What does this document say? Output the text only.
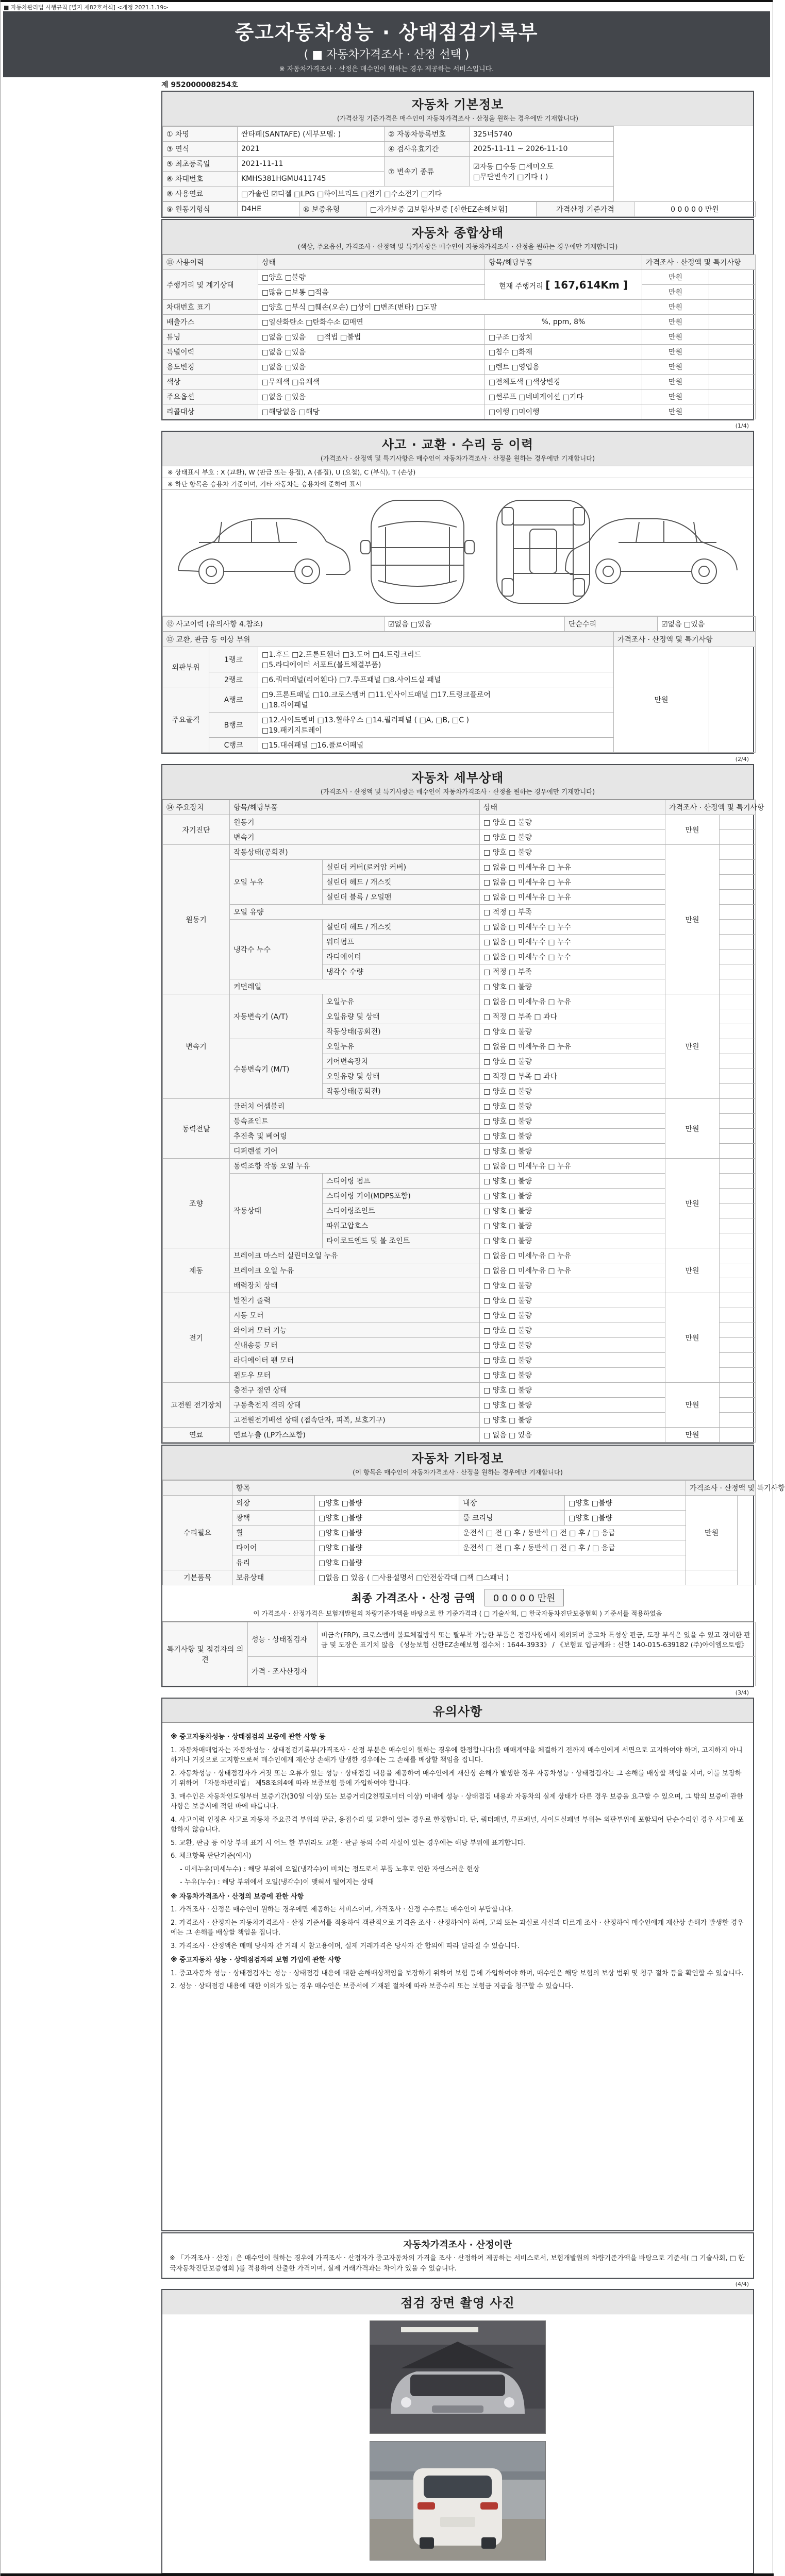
■ 자동차관리법 시행규칙 [별지 제82호서식] <개정 2021.1.19>
중고자동차성능 · 상태점검기록부
( ■ 자동차가격조사 · 산정 선택 )
※ 자동차가격조사 · 산정은 매수인이 원하는 경우 제공하는 서비스입니다.
제 952000008254호
자동차 기본정보
(가격산정 기준가격은 매수인이 자동차가격조사 · 산정을 원하는 경우에만 기재합니다)
① 차명	싼타페(SANTAFE) (세부모델: )	② 자동차등록번호	325너5740
③ 연식	2021	④ 검사유효기간	2025-11-11 ~ 2026-11-10
⑤ 최초등록일	2021-11-11	⑦ 변속기 종류	☑자동 □수동 □세미오토
□무단변속기 □기타 ( )

⑥ 차대번호	KMHS381HGMU411745		
⑧ 사용연료	□가솔린 ☑디젤 □LPG □하이브리드 □전기 □수소전기 □기타		
⑨ 원동기형식	D4HE	⑩ 보증유형	□자가보증 ☑보험사보증 [신한EZ손해보험]	가격산정 기준가격	0 0 0 0 0 만원
자동차 종합상태
(색상, 주요옵션, 가격조사 · 산정액 및 특기사항은 매수인이 자동차가격조사 · 산정을 원하는 경우에만 기재합니다)
⑪ 사용이력	상태	항목/해당부품	가격조사 · 산정액 및 특기사항	
주행거리 및 계기상태	□양호 □불량	현재 주행거리 [ 167,614Km ]	만원	
	□많음 □보통 □적음		만원	
차대번호 표기	□양호 □부식 □훼손(오손) □상이 □변조(변타) □도말		만원	
배출가스	□일산화탄소 □탄화수소 ☑매연	%, ppm, 8%	만원	
튜닝	□없음 □있음 □적법 □불법	□구조 □장치	만원	
특별이력	□없음 □있음	□침수 □화재	만원	
용도변경	□없음 □있음	□렌트 □영업용	만원	
색상	□무채색 □유채색	□전체도색 □색상변경	만원	
주요옵션	□없음 □있음	□썬루프 □네비게이션 □기타	만원	
리콜대상	□해당없음 □해당	□이행 □미이행	만원	
(1/4)
사고 · 교환 · 수리 등 이력
(가격조사 · 산정액 및 특기사항은 매수인이 자동차가격조사 · 산정을 원하는 경우에만 기재합니다)
※ 상태표시 부호 : X (교환), W (판금 또는 용접), A (흠집), U (요철), C (부식), T (손상)
※ 하단 항목은 승용차 기준이며, 기타 자동차는 승용차에 준하여 표시
⑫ 사고이력 (유의사항 4.참조)	☑없음 □있음	단순수리	☑없음 □있음
⑬ 교환, 판금 등 이상 부위			가격조사 · 산정액 및 특기사항	
외판부위	1랭크	□1.후드 □2.프론트휀더 □3.도어 □4.트렁크리드
□5.라디에이터 서포트(볼트체결부품)	만원	
	2랭크	□6.쿼터패널(리어휀다) □7.루프패널 □8.사이드실 패널		
주요골격	A랭크	□9.프론트패널 □10.크로스멤버 □11.인사이드패널 □17.트렁크플로어
□18.리어패널		

	B랭크	□12.사이드멤버 □13.휠하우스 □14.필러패널 ( □A, □B, □C )
□19.패키지트레이		

	C랭크	□15.대쉬패널 □16.플로어패널		
(2/4)
자동차 세부상태
(가격조사 · 산정액 및 특기사항은 매수인이 자동차가격조사 · 산정을 원하는 경우에만 기재합니다)
⑭ 주요장치	항목/해당부품		상태	가격조사 · 산정액 및 특기사항	
자기진단	원동기		□ 양호 □ 불량	만원	
	변속기		□ 양호 □ 불량		
원동기	작동상태(공회전)		□ 양호 □ 불량	만원	
	오일 누유	실린더 커버(로커암 커버)	□ 없음 □ 미세누유 □ 누유		
		실린더 헤드 / 개스킷	□ 없음 □ 미세누유 □ 누유		
		실린더 블록 / 오일팬	□ 없음 □ 미세누유 □ 누유		
	오일 유량		□ 적정 □ 부족		
	냉각수 누수	실린더 헤드 / 개스킷	□ 없음 □ 미세누수 □ 누수		
		워터펌프	□ 없음 □ 미세누수 □ 누수		
		라디에이터	□ 없음 □ 미세누수 □ 누수		
		냉각수 수량	□ 적정 □ 부족		
	커먼레일		□ 양호 □ 불량		
변속기	자동변속기 (A/T)	오일누유	□ 없음 □ 미세누유 □ 누유	만원	
		오일유량 및 상태	□ 적정 □ 부족 □ 과다		
		작동상태(공회전)	□ 양호 □ 불량		
	수동변속기 (M/T)	오일누유	□ 없음 □ 미세누유 □ 누유		
		기어변속장치	□ 양호 □ 불량		
		오일유량 및 상태	□ 적정 □ 부족 □ 과다		
		작동상태(공회전)	□ 양호 □ 불량		
동력전달	클러치 어셈블리		□ 양호 □ 불량	만원	
	등속죠인트		□ 양호 □ 불량		
	추진축 및 베어링		□ 양호 □ 불량		
	디퍼렌셜 기어		□ 양호 □ 불량		
조향	동력조향 작동 오일 누유		□ 없음 □ 미세누유 □ 누유	만원	
	작동상태	스티어링 펌프	□ 양호 □ 불량		
		스티어링 기어(MDPS포함)	□ 양호 □ 불량		
		스티어링조인트	□ 양호 □ 불량		
		파워고압호스	□ 양호 □ 불량		
		타이로드엔드 및 볼 조인트	□ 양호 □ 불량		
제동	브레이크 마스터 실린더오일 누유		□ 없음 □ 미세누유 □ 누유	만원	
	브레이크 오일 누유		□ 없음 □ 미세누유 □ 누유		
	배력장치 상태		□ 양호 □ 불량		
전기	발전기 출력		□ 양호 □ 불량	만원	
	시동 모터		□ 양호 □ 불량		
	와이퍼 모터 기능		□ 양호 □ 불량		
	실내송풍 모터		□ 양호 □ 불량		
	라디에이터 팬 모터		□ 양호 □ 불량		
	윈도우 모터		□ 양호 □ 불량		
고전원 전기장치	충전구 절연 상태		□ 양호 □ 불량	만원	
	구동축전지 격리 상태		□ 양호 □ 불량		
	고전원전기배선 상태 (접속단자, 피복, 보호기구)		□ 양호 □ 불량		
연료	연료누출 (LP가스포함)		□ 없음 □ 있음	만원	
자동차 기타정보
(이 항목은 매수인이 자동차가격조사 · 산정을 원하는 경우에만 기재합니다)
	항목				가격조사 · 산정액 및 특기사항	
수리필요	외장	□양호 □불량	내장	□양호 □불량	만원	
	광택	□양호 □불량	룸 크리닝	□양호 □불량		
	휠	□양호 □불량	운전석 □ 전 □ 후 / 동반석 □ 전 □ 후 / □ 응급			
	타이어	□양호 □불량	운전석 □ 전 □ 후 / 동반석 □ 전 □ 후 / □ 응급			
	유리	□양호 □불량				
기본품목	보유상태	□없음 □ 있음 ( □사용설명서 □안전삼각대 □잭 □스패너 )				
최종 가격조사 · 산정 금액	0 0 0 0 0 만원
이 가격조사 · 산정가격은 보험개발원의 차량기준가액을 바탕으로 한 기준가격과 ( □ 기술사회, □ 한국자동차진단보증협회 ) 기준서를 적용하였음
특기사항 및 점검자의 의견	성능 · 상태점검자	비금속(FRP), 크로스멤버 볼트체결방식 또는 탈부착 가능한 부품은 점검사항에서 제외되며 중고차 특성상 판금, 도장 부식은 있을 수 있고 경미한 판금 및 도장은 표기치 않음 《성능보험 신한EZ손해보험 접수처 : 1644-3933》 / 《보험료 입금계좌 : 신한 140-015-639182 (주)아이엠오토랩》
	가격 · 조사산정자	
(3/4)
유의사항
※ 중고자동차성능 · 상태점검의 보증에 관한 사항 등
1. 자동차매매업자는 자동차성능 · 상태점검기록부(가격조사 · 산정 부분은 매수인이 원하는 경우에 한정합니다)를 매매계약을 체결하기 전까지 매수인에게 서면으로 고지하여야 하며, 고지하지 아니하거나 거짓으로 고지함으로써 매수인에게 재산상 손해가 발생한 경우에는 그 손해를 배상할 책임을 집니다.
2. 자동차성능 · 상태점검자가 거짓 또는 오류가 있는 성능 · 상태점검 내용을 제공하여 매수인에게 재산상 손해가 발생한 경우 자동차성능 · 상태점검자는 그 손해를 배상할 책임을 지며, 이를 보장하기 위하여 「자동차관리법」 제58조의4에 따라 보증보험 등에 가입하여야 합니다.
3. 매수인은 자동차인도일부터 보증기간(30일 이상) 또는 보증거리(2천킬로미터 이상) 이내에 성능 · 상태점검 내용과 자동차의 실제 상태가 다른 경우 보증을 요구할 수 있으며, 그 밖의 보증에 관한 사항은 보증서에 적힌 바에 따릅니다.
4. 사고이력 인정은 사고로 자동차 주요골격 부위의 판금, 용접수리 및 교환이 있는 경우로 한정합니다. 단, 쿼터패널, 루프패널, 사이드실패널 부위는 외판부위에 포함되어 단순수리인 경우 사고에 포함하지 않습니다.
5. 교환, 판금 등 이상 부위 표기 시 어느 한 부위라도 교환 · 판금 등의 수리 사실이 있는 경우에는 해당 부위에 표기합니다.
6. 체크항목 판단기준(예시)
- 미세누유(미세누수) : 해당 부위에 오일(냉각수)이 비치는 정도로서 부품 노후로 인한 자연스러운 현상
- 누유(누수) : 해당 부위에서 오일(냉각수)이 맺혀서 떨어지는 상태
※ 자동차가격조사 · 산정의 보증에 관한 사항
1. 가격조사 · 산정은 매수인이 원하는 경우에만 제공하는 서비스이며, 가격조사 · 산정 수수료는 매수인이 부담합니다.
2. 가격조사 · 산정자는 자동차가격조사 · 산정 기준서를 적용하여 객관적으로 가격을 조사 · 산정하여야 하며, 고의 또는 과실로 사실과 다르게 조사 · 산정하여 매수인에게 재산상 손해가 발생한 경우에는 그 손해를 배상할 책임을 집니다.
3. 가격조사 · 산정액은 매매 당사자 간 거래 시 참고용이며, 실제 거래가격은 당사자 간 합의에 따라 달라질 수 있습니다.
※ 중고자동차 성능 · 상태점검자의 보험 가입에 관한 사항
1. 중고자동차 성능 · 상태점검자는 성능 · 상태점검 내용에 대한 손해배상책임을 보장하기 위하여 보험 등에 가입하여야 하며, 매수인은 해당 보험의 보상 범위 및 청구 절차 등을 확인할 수 있습니다.
2. 성능 · 상태점검 내용에 대한 이의가 있는 경우 매수인은 보증서에 기재된 절차에 따라 보증수리 또는 보험금 지급을 청구할 수 있습니다.
자동차가격조사 · 산정이란
※ 「가격조사 · 산정」은 매수인이 원하는 경우에 가격조사 · 산정자가 중고자동차의 가격을 조사 · 산정하여 제공하는 서비스로서, 보험개발원의 차량기준가액을 바탕으로 기준서( □ 기술사회, □ 한국자동차진단보증협회 )를 적용하여 산출한 가격이며, 실제 거래가격과는 차이가 있을 수 있습니다.
(4/4)
점검 장면 촬영 사진
